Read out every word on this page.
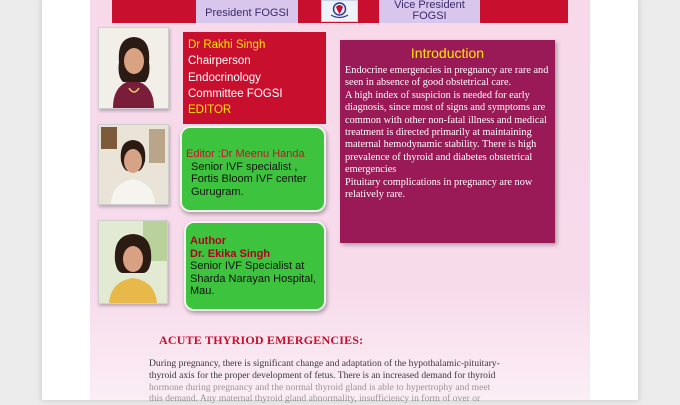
President FOGSI
Vice President
FOGSI
Dr Rakhi Singh
Chairperson
Endocrinology
Committee FOGSI
EDITOR
Editor :Dr Meenu Handa
Senior IVF specialist ,
Fortis Bloom IVF center
Gurugram.
Author
Dr. Ekika Singh
Senior IVF Specialist at
Sharda Narayan Hospital,
Mau.
Introduction

Endocrine emergencies in pregnancy are rare and seen in absence of good obstetrical care.

A high index of suspicion is needed for early diagnosis, since most of signs and symptoms are common with other non-fatal illness and medical treatment is directed primarily at maintaining maternal hemodynamic stability. There is high prevalence of thyroid and diabetes obstetrical emergencies

Pituitary complications in pregnancy are now relatively rare.

ACUTE THYRIOD EMERGENCIES:
During pregnancy, there is significant change and adaptation of the hypothalamic-pituitary-
thyroid axis for the proper development of fetus. There is an increased demand for thyroid
hormone during pregnancy and the normal thyroid gland is able to hypertrophy and meet
this demand. Any maternal thyroid gland abnormality, insufficiency in form of over or
